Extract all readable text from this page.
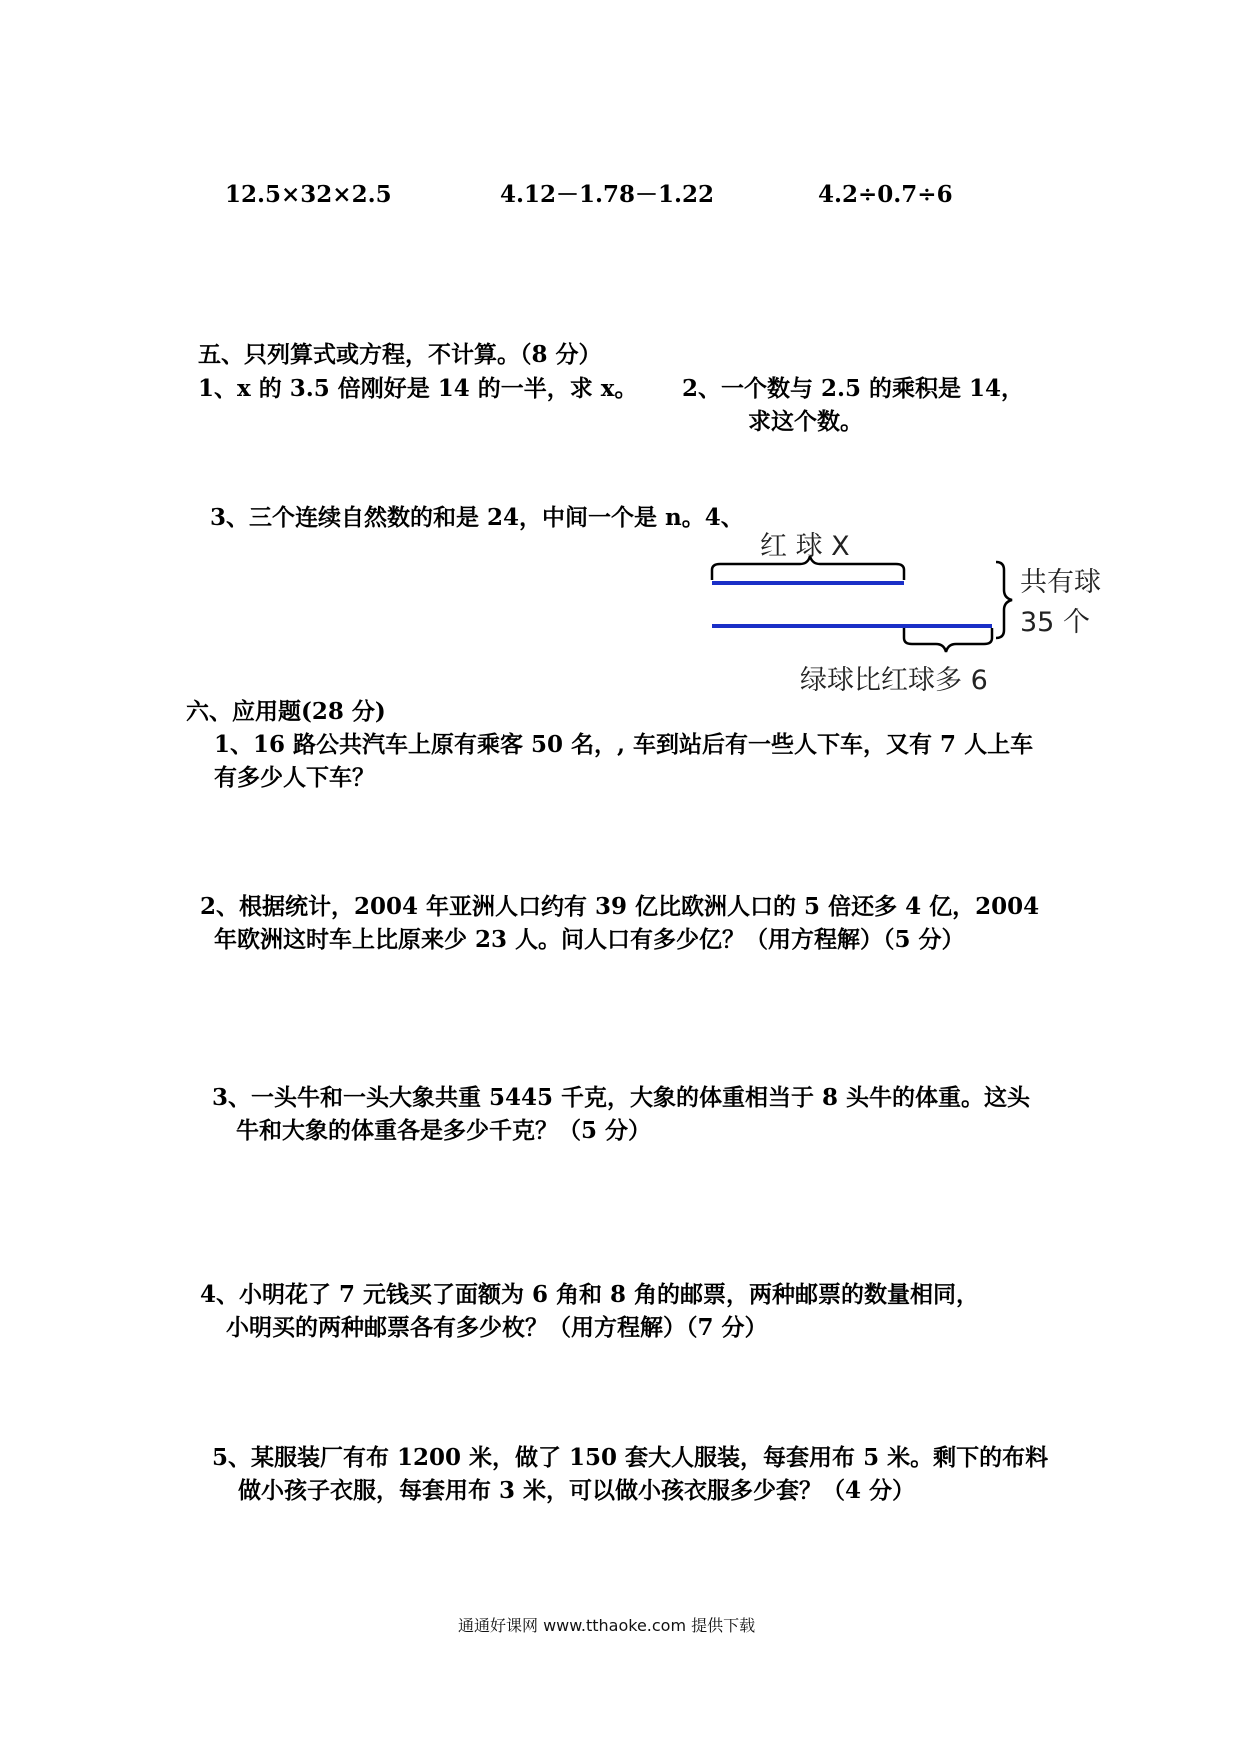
12.5×32×2.5	4.12－1.78－1.22	4.2÷0.7÷6
五、只列算式或方程，不计算。（8 分）
1、x 的 3.5 倍刚好是 14 的一半，求 x。 2、一个数与 2.5 的乘积是 14，
求这个数。
3、三个连续自然数的和是 24，中间一个是 n。4、
红 球 X
共有球
35 个
绿球比红球多 6
六、应用题(28 分)
1、16 路公共汽车上原有乘客 50 名，, 车到站后有一些人下车，又有 7 人上车
有多少人下车？
2、根据统计，2004 年亚洲人口约有 39 亿比欧洲人口的 5 倍还多 4 亿，2004
年欧洲这时车上比原来少 23 人。问人口有多少亿？（用方程解）（5 分）
3、一头牛和一头大象共重 5445 千克，大象的体重相当于 8 头牛的体重。这头
牛和大象的体重各是多少千克？（5 分）
4、小明花了 7 元钱买了面额为 6 角和 8 角的邮票，两种邮票的数量相同，
小明买的两种邮票各有多少枚？（用方程解）（7 分）
5、某服装厂有布 1200 米，做了 150 套大人服装，每套用布 5 米。剩下的布料
做小孩子衣服，每套用布 3 米，可以做小孩衣服多少套？（4 分）
通通好课网 www.tthaoke.com 提供下载
